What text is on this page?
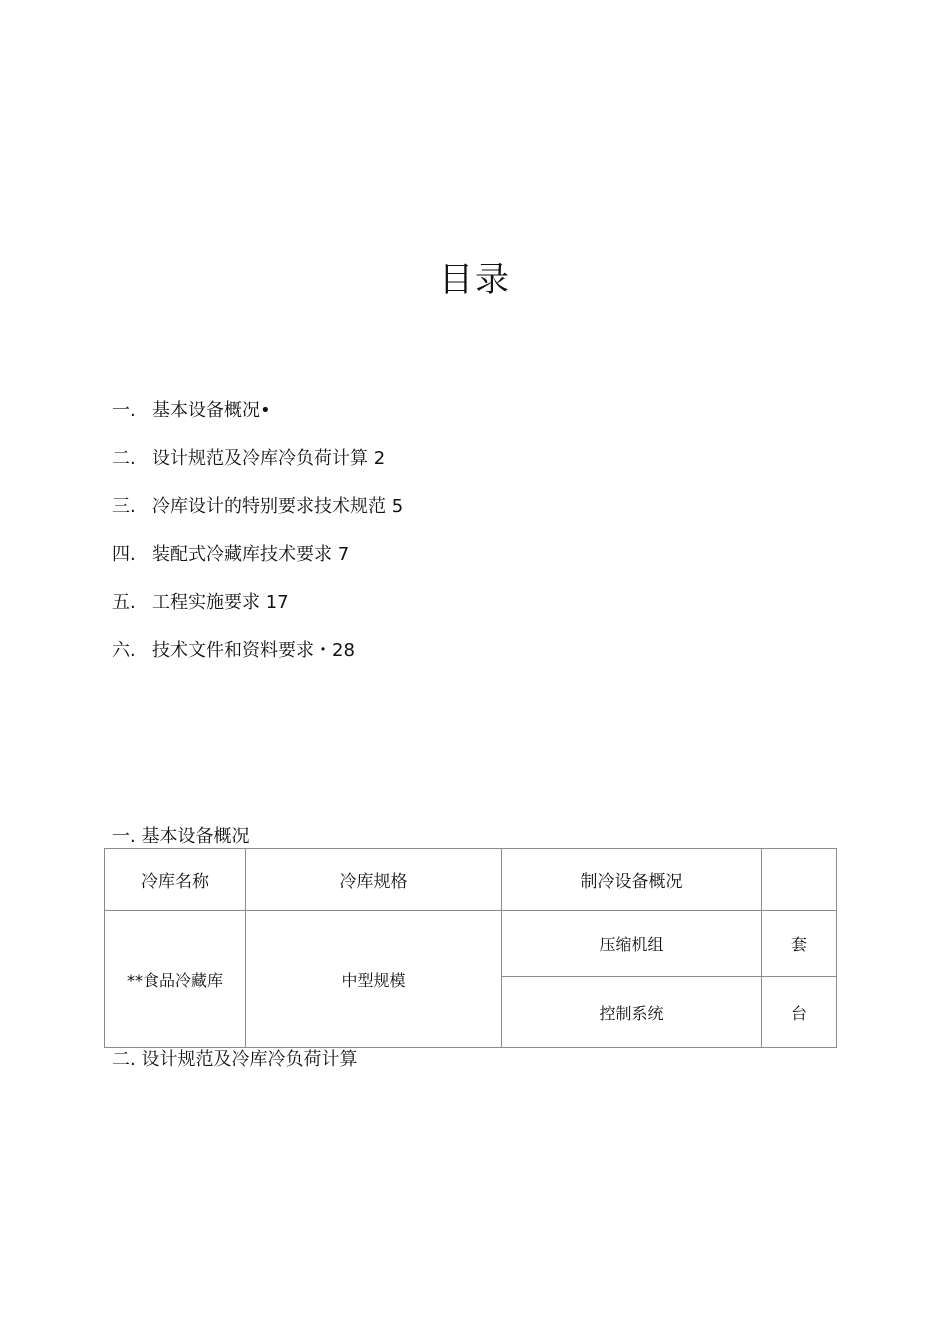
目录
一. 基本设备概况•
二. 设计规范及冷库冷负荷计算 2
三. 冷库设计的特别要求技术规范 5
四. 装配式冷藏库技术要求 7
五. 工程实施要求 17
六. 技术文件和资料要求・28
一. 基本设备概况
冷库名称	冷库规格	制冷设备概况	
**食品冷藏库	中型规模	压缩机组	套
		控制系统	台
二. 设计规范及冷库冷负荷计算
